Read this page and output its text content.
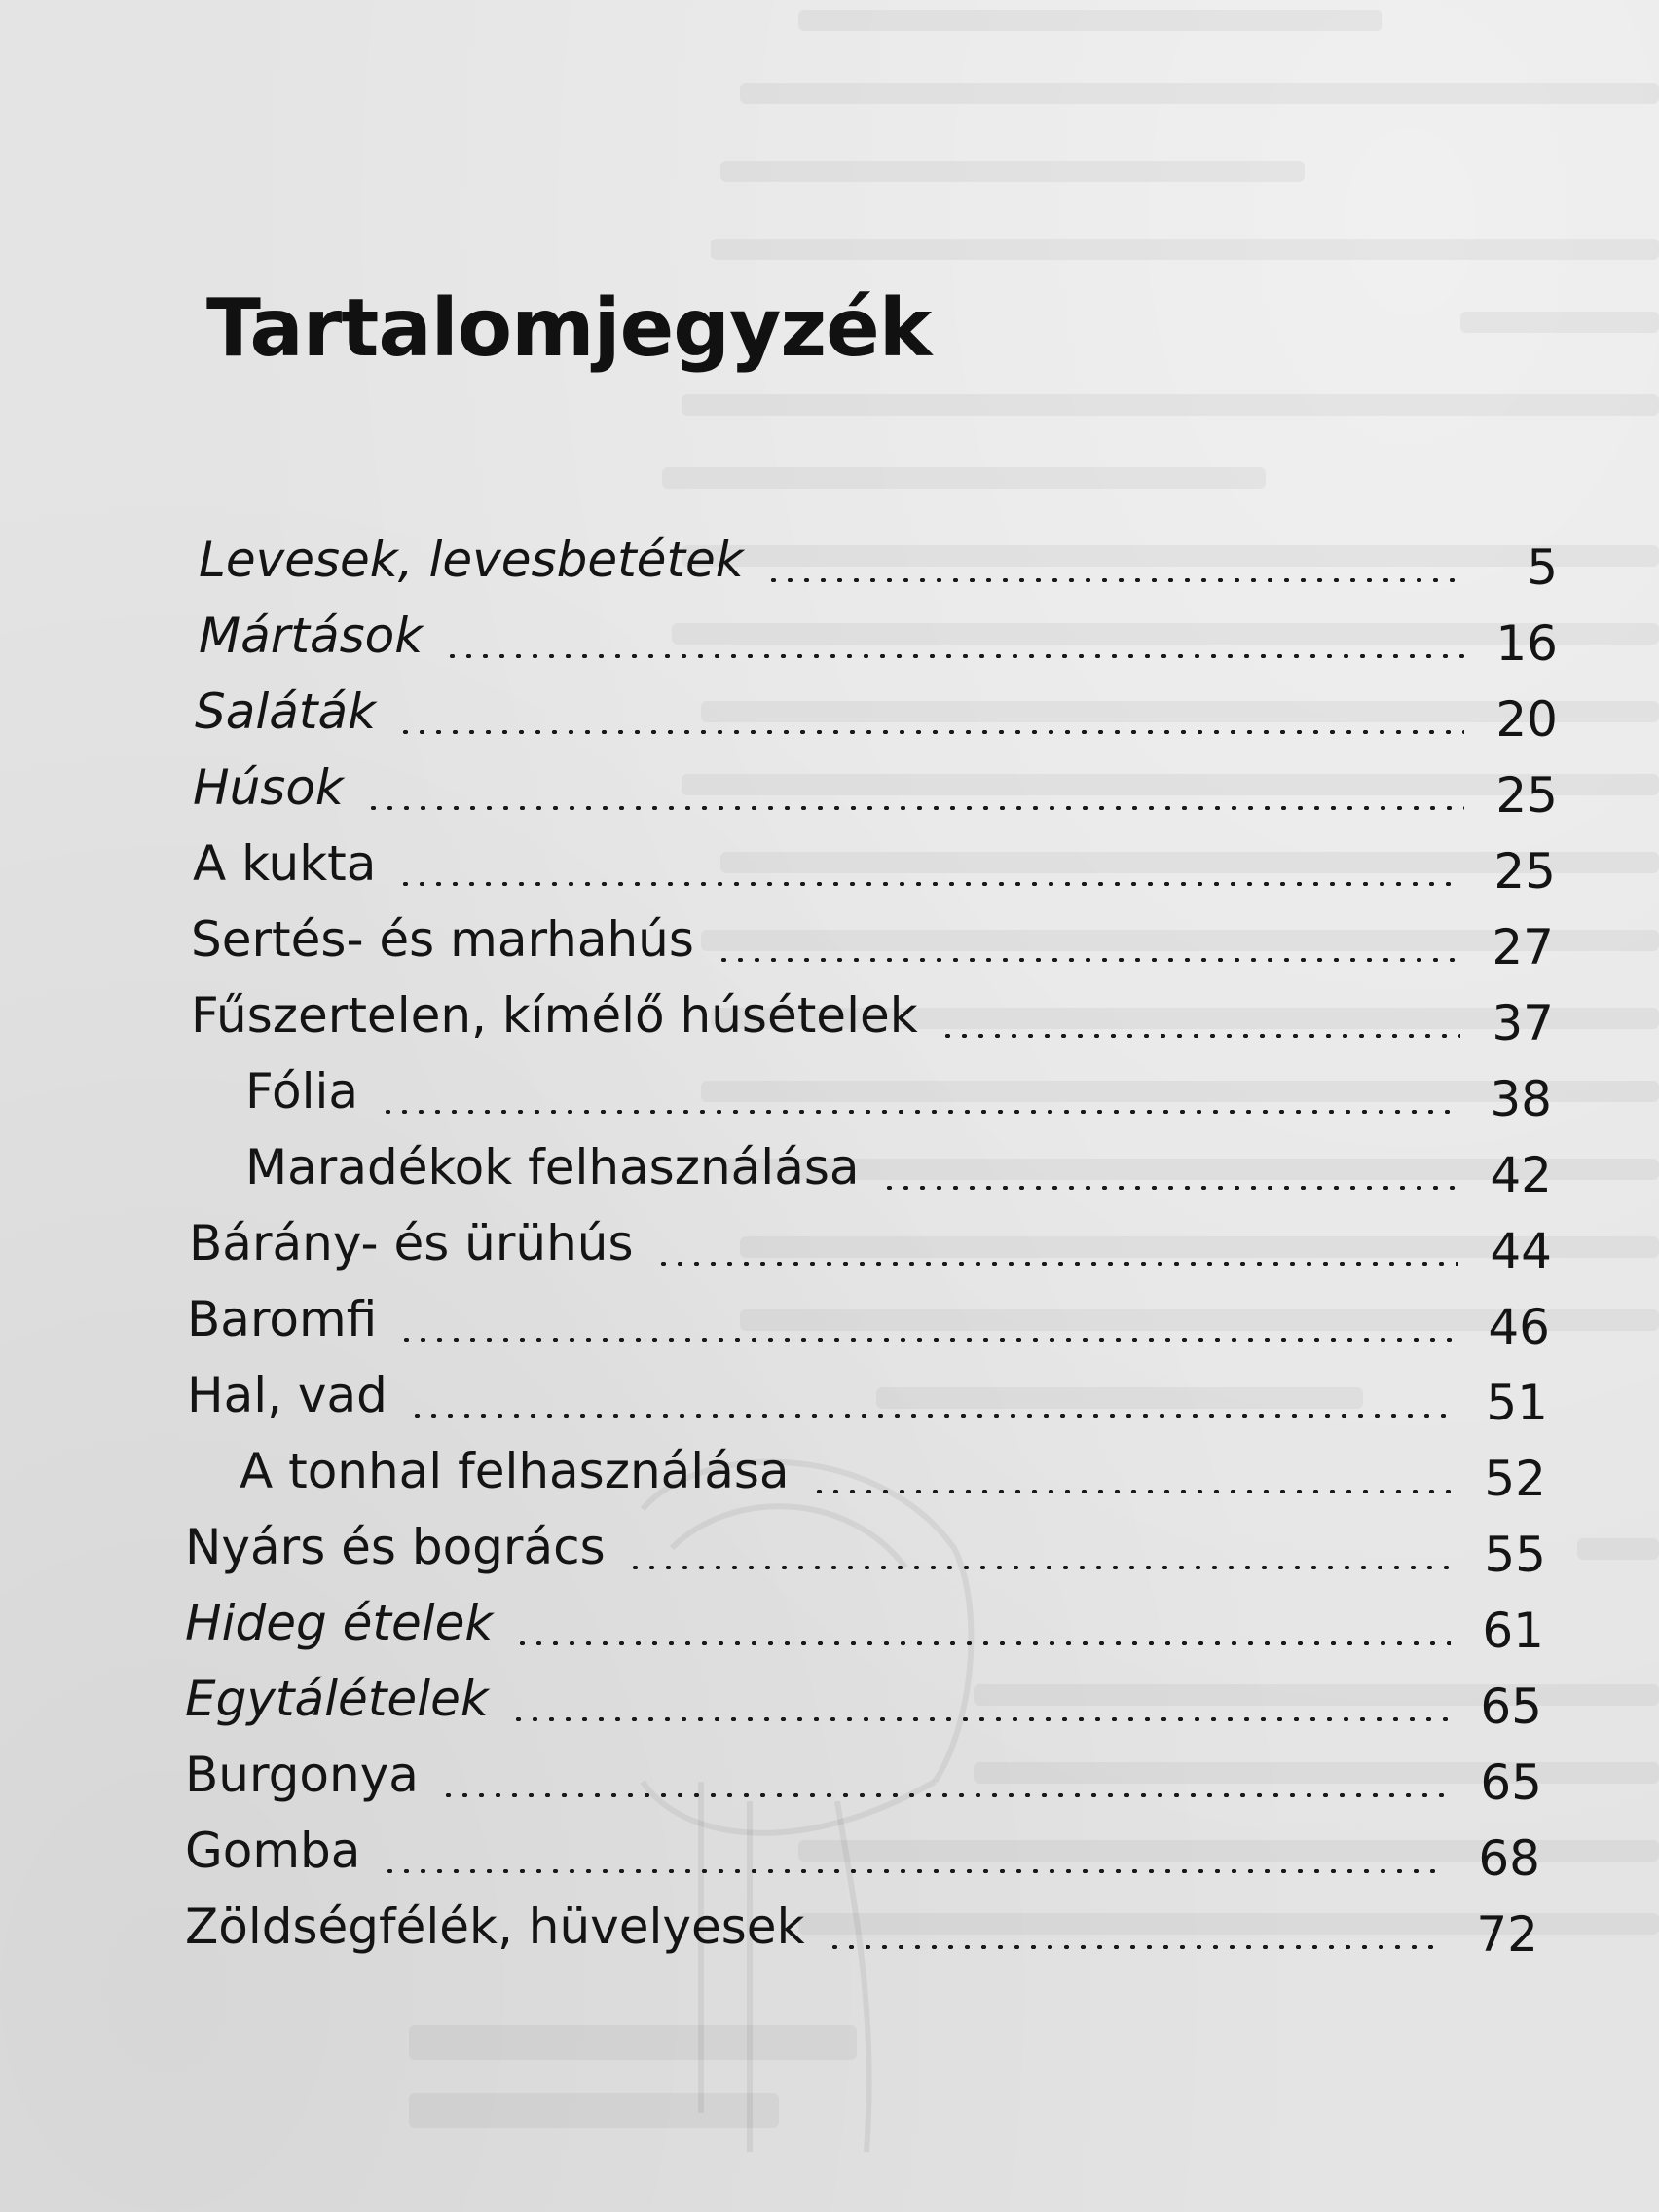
Tartalomjegyzék
Levesek, levesbetétek	5
Mártások	16
Saláták	20
Húsok	25
A kukta	25
Sertés- és marhahús	27
Fűszertelen, kímélő húsételek	37
Fólia	38
Maradékok felhasználása	42
Bárány- és ürühús	44
Baromfi	46
Hal, vad	51
A tonhal felhasználása	52
Nyárs és bogrács	55
Hideg ételek	61
Egytálételek	65
Burgonya	65
Gomba	68
Zöldségfélék, hüvelyesek	72
